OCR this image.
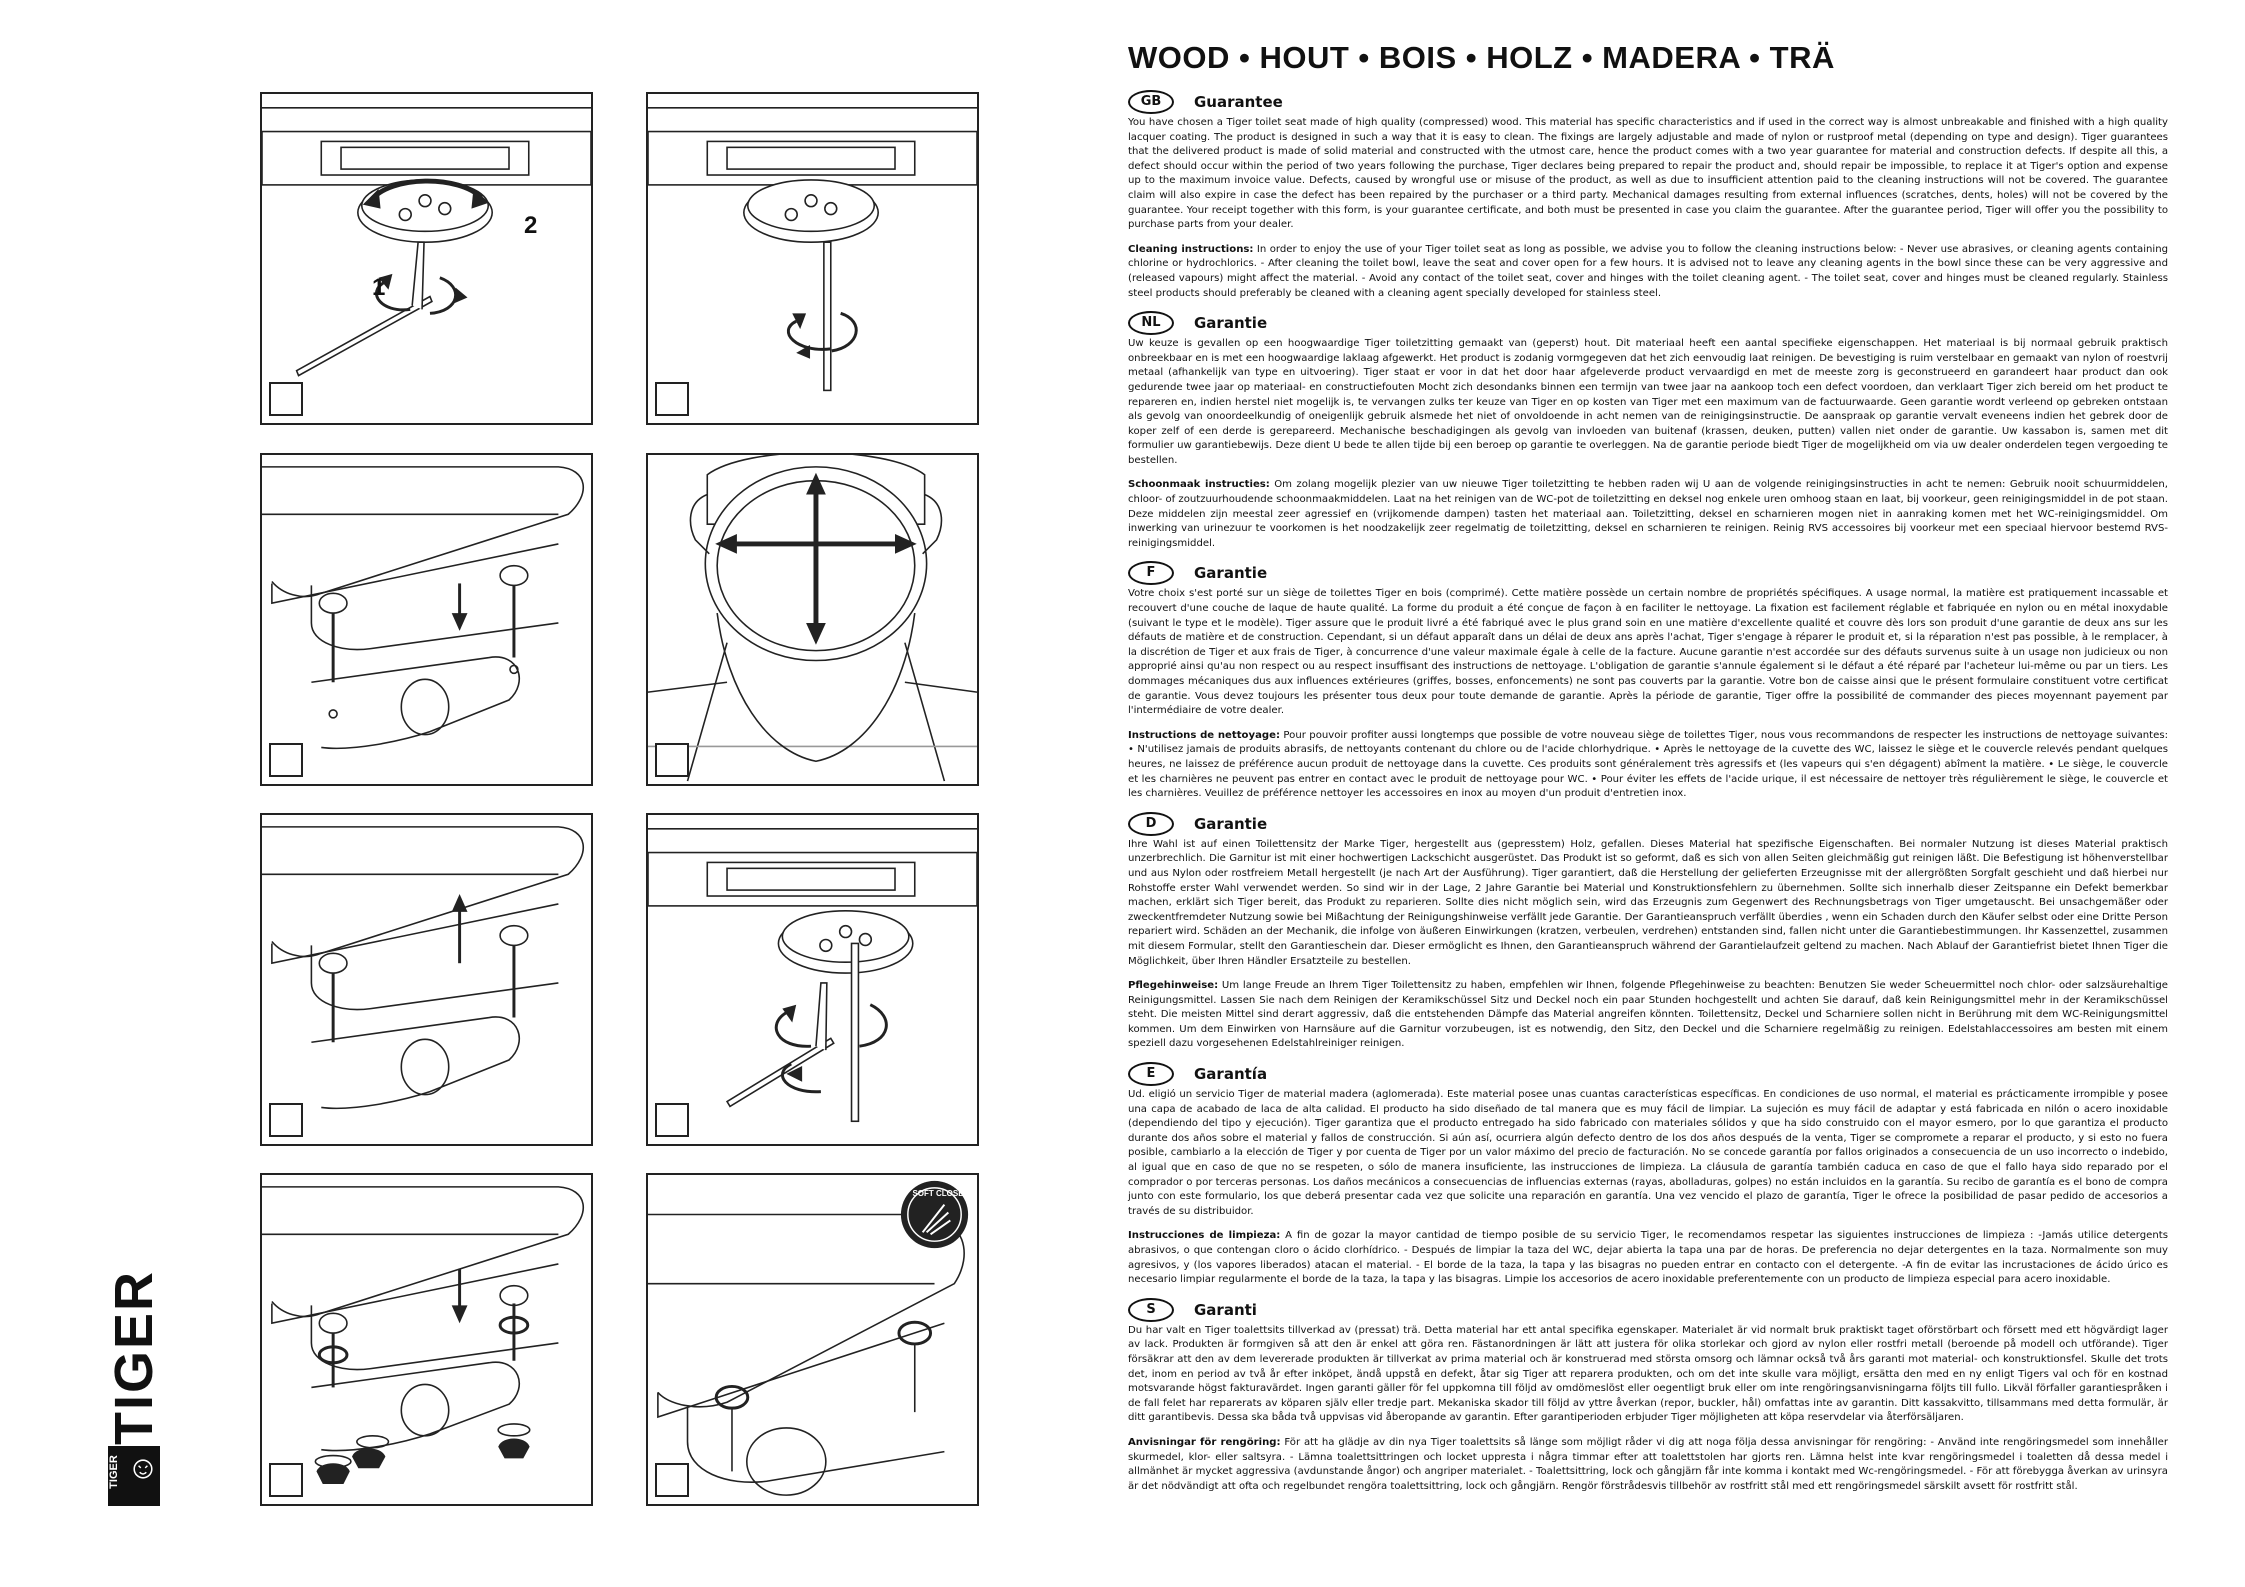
1
2
SOFT CLOSE
TIGER
TIGER
WOOD • HOUT • BOIS • HOLZ • MADERA • TRÄ
GB	Guarantee

You have chosen a Tiger toilet seat made of high quality (compressed) wood. This material has specific characteristics and if used in the correct way is almost unbreakable and finished with a high quality lacquer coating. The product is designed in such a way that it is easy to clean. The fixings are largely adjustable and made of nylon or rustproof metal (depending on type and design). Tiger guarantees that the delivered product is made of solid material and constructed with the utmost care, hence the product comes with a two year guarantee for material and construction defects. If despite all this, a defect should occur within the period of two years following the purchase, Tiger declares being prepared to repair the product and, should repair be impossible, to replace it at Tiger's option and expense up to the maximum invoice value. Defects, caused by wrongful use or misuse of the product, as well as due to insufficient attention paid to the cleaning instructions will not be covered. The guarantee claim will also expire in case the defect has been repaired by the purchaser or a third party. Mechanical damages resulting from external influences (scratches, dents, holes) will not be covered by the guarantee. Your receipt together with this form, is your guarantee certificate, and both must be presented in case you claim the guarantee. After the guarantee period, Tiger will offer you the possibility to purchase parts from your dealer.

Cleaning instructions: In order to enjoy the use of your Tiger toilet seat as long as possible, we advise you to follow the cleaning instructions below: - Never use abrasives, or cleaning agents containing chlorine or hydrochlorics. - After cleaning the toilet bowl, leave the seat and cover open for a few hours. It is advised not to leave any cleaning agents in the bowl since these can be very aggressive and (released vapours) might affect the material. - Avoid any contact of the toilet seat, cover and hinges with the toilet cleaning agent. - The toilet seat, cover and hinges must be cleaned regularly. Stainless steel products should preferably be cleaned with a cleaning agent specially developed for stainless steel.

NL	Garantie

Uw keuze is gevallen op een hoogwaardige Tiger toiletzitting gemaakt van (geperst) hout. Dit materiaal heeft een aantal specifieke eigenschappen. Het materiaal is bij normaal gebruik praktisch onbreekbaar en is met een hoogwaardige laklaag afgewerkt. Het product is zodanig vormgegeven dat het zich eenvoudig laat reinigen. De bevestiging is ruim verstelbaar en gemaakt van nylon of roestvrij metaal (afhankelijk van type en uitvoering). Tiger staat er voor in dat het door haar afgeleverde product vervaardigd en met de meeste zorg is geconstrueerd en garandeert haar product dan ook gedurende twee jaar op materiaal- en constructiefouten Mocht zich desondanks binnen een termijn van twee jaar na aankoop toch een defect voordoen, dan verklaart Tiger zich bereid om het product te repareren en, indien herstel niet mogelijk is, te vervangen zulks ter keuze van Tiger en op kosten van Tiger met een maximum van de factuurwaarde. Geen garantie wordt verleend op gebreken ontstaan als gevolg van onoordeelkundig of oneigenlijk gebruik alsmede het niet of onvoldoende in acht nemen van de reinigingsinstructie. De aanspraak op garantie vervalt eveneens indien het gebrek door de koper zelf of een derde is gerepareerd. Mechanische beschadigingen als gevolg van invloeden van buitenaf (krassen, deuken, putten) vallen niet onder de garantie. Uw kassabon is, samen met dit formulier uw garantiebewijs. Deze dient U bede te allen tijde bij een beroep op garantie te overleggen. Na de garantie periode biedt Tiger de mogelijkheid om via uw dealer onderdelen tegen vergoeding te bestellen.

Schoonmaak instructies: Om zolang mogelijk plezier van uw nieuwe Tiger toiletzitting te hebben raden wij U aan de volgende reinigingsinstructies in acht te nemen: Gebruik nooit schuurmiddelen, chloor- of zoutzuurhoudende schoonmaakmiddelen. Laat na het reinigen van de WC-pot de toiletzitting en deksel nog enkele uren omhoog staan en laat, bij voorkeur, geen reinigingsmiddel in de pot staan. Deze middelen zijn meestal zeer agressief en (vrijkomende dampen) tasten het materiaal aan. Toiletzitting, deksel en scharnieren mogen niet in aanraking komen met het WC-reinigingsmiddel. Om inwerking van urinezuur te voorkomen is het noodzakelijk zeer regelmatig de toiletzitting, deksel en scharnieren te reinigen. Reinig RVS accessoires bij voorkeur met een speciaal hiervoor bestemd RVS-reinigingsmiddel.

F	Garantie

Votre choix s'est porté sur un siège de toilettes Tiger en bois (comprimé). Cette matière possède un certain nombre de propriétés spécifiques. A usage normal, la matière est pratiquement incassable et recouvert d'une couche de laque de haute qualité. La forme du produit a été conçue de façon à en faciliter le nettoyage. La fixation est facilement réglable et fabriquée en nylon ou en métal inoxydable (suivant le type et le modèle). Tiger assure que le produit livré a été fabriqué avec le plus grand soin en une matière d'excellente qualité et couvre dès lors son produit d'une garantie de deux ans sur les défauts de matière et de construction. Cependant, si un défaut apparaît dans un délai de deux ans après l'achat, Tiger s'engage à réparer le produit et, si la réparation n'est pas possible, à le remplacer, à la discrétion de Tiger et aux frais de Tiger, à concurrence d'une valeur maximale égale à celle de la facture. Aucune garantie n'est accordée sur des défauts survenus suite à un usage non judicieux ou non approprié ainsi qu'au non respect ou au respect insuffisant des instructions de nettoyage. L'obligation de garantie s'annule également si le défaut a été réparé par l'acheteur lui-même ou par un tiers. Les dommages mécaniques dus aux influences extérieures (griffes, bosses, enfoncements) ne sont pas couverts par la garantie. Votre bon de caisse ainsi que le présent formulaire constituent votre certificat de garantie. Vous devez toujours les présenter tous deux pour toute demande de garantie. Après la période de garantie, Tiger offre la possibilité de commander des pieces moyennant payement par l'intermédiaire de votre dealer.

Instructions de nettoyage: Pour pouvoir profiter aussi longtemps que possible de votre nouveau siège de toilettes Tiger, nous vous recommandons de respecter les instructions de nettoyage suivantes: • N'utilisez jamais de produits abrasifs, de nettoyants contenant du chlore ou de l'acide chlorhydrique. • Après le nettoyage de la cuvette des WC, laissez le siège et le couvercle relevés pendant quelques heures, ne laissez de préférence aucun produit de nettoyage dans la cuvette. Ces produits sont généralement très agressifs et (les vapeurs qui s'en dégagent) abîment la matière. • Le siège, le couvercle et les charnières ne peuvent pas entrer en contact avec le produit de nettoyage pour WC. • Pour éviter les effets de l'acide urique, il est nécessaire de nettoyer très régulièrement le siège, le couvercle et les charnières. Veuillez de préférence nettoyer les accessoires en inox au moyen d'un produit d'entretien inox.

D	Garantie

Ihre Wahl ist auf einen Toilettensitz der Marke Tiger, hergestellt aus (gepresstem) Holz, gefallen. Dieses Material hat spezifische Eigenschaften. Bei normaler Nutzung ist dieses Material praktisch unzerbrechlich. Die Garnitur ist mit einer hochwertigen Lackschicht ausgerüstet. Das Produkt ist so geformt, daß es sich von allen Seiten gleichmäßig gut reinigen läßt. Die Befestigung ist höhenverstellbar und aus Nylon oder rostfreiem Metall hergestellt (je nach Art der Ausführung). Tiger garantiert, daß die Herstellung der gelieferten Erzeugnisse mit der allergrößten Sorgfalt geschieht und daß hierbei nur Rohstoffe erster Wahl verwendet werden. So sind wir in der Lage, 2 Jahre Garantie bei Material und Konstruktionsfehlern zu übernehmen. Sollte sich innerhalb dieser Zeitspanne ein Defekt bemerkbar machen, erklärt sich Tiger bereit, das Produkt zu reparieren. Sollte dies nicht möglich sein, wird das Erzeugnis zum Gegenwert des Rechnungsbetrags von Tiger umgetauscht. Bei unsachgemäßer oder zweckentfremdeter Nutzung sowie bei Mißachtung der Reinigungshinweise verfällt jede Garantie. Der Garantieanspruch verfällt überdies , wenn ein Schaden durch den Käufer selbst oder eine Dritte Person repariert wird. Schäden an der Mechanik, die infolge von äußeren Einwirkungen (kratzen, verbeulen, verdrehen) entstanden sind, fallen nicht unter die Garantiebestimmungen. Ihr Kassenzettel, zusammen mit diesem Formular, stellt den Garantieschein dar. Dieser ermöglicht es Ihnen, den Garantieanspruch während der Garantielaufzeit geltend zu machen. Nach Ablauf der Garantiefrist bietet Ihnen Tiger die Möglichkeit, über Ihren Händler Ersatzteile zu bestellen.

Pflegehinweise: Um lange Freude an Ihrem Tiger Toilettensitz zu haben, empfehlen wir Ihnen, folgende Pflegehinweise zu beachten: Benutzen Sie weder Scheuermittel noch chlor- oder salzsäurehaltige Reinigungsmittel. Lassen Sie nach dem Reinigen der Keramikschüssel Sitz und Deckel noch ein paar Stunden hochgestellt und achten Sie darauf, daß kein Reinigungsmittel mehr in der Keramikschüssel steht. Die meisten Mittel sind derart aggressiv, daß die entstehenden Dämpfe das Material angreifen könnten. Toilettensitz, Deckel und Scharniere sollen nicht in Berührung mit dem WC-Reinigungsmittel kommen. Um dem Einwirken von Harnsäure auf die Garnitur vorzubeugen, ist es notwendig, den Sitz, den Deckel und die Scharniere regelmäßig zu reinigen. Edelstahlaccessoires am besten mit einem speziell dazu vorgesehenen Edelstahlreiniger reinigen.

E	Garantía

Ud. eligió un servicio Tiger de material madera (aglomerada). Este material posee unas cuantas características específicas. En condiciones de uso normal, el material es prácticamente irrompible y posee una capa de acabado de laca de alta calidad. El producto ha sido diseñado de tal manera que es muy fácil de limpiar. La sujeción es muy fácil de adaptar y está fabricada en nilón o acero inoxidable (dependiendo del tipo y ejecución). Tiger garantiza que el producto entregado ha sido fabricado con materiales sólidos y que ha sido construido con el mayor esmero, por lo que garantiza el producto durante dos años sobre el material y fallos de construcción. Si aún así, ocurriera algún defecto dentro de los dos años después de la venta, Tiger se compromete a reparar el producto, y si esto no fuera posible, cambiarlo a la elección de Tiger y por cuenta de Tiger por un valor máximo del precio de facturación. No se concede garantía por fallos originados a consecuencia de un uso incorrecto o indebido, al igual que en caso de que no se respeten, o sólo de manera insuficiente, las instrucciones de limpieza. La cláusula de garantía también caduca en caso de que el fallo haya sido reparado por el comprador o por terceras personas. Los daños mecánicos a consecuencias de influencias externas (rayas, abolladuras, golpes) no están incluidos en la garantía. Su recibo de garantía es el bono de compra junto con este formulario, los que deberá presentar cada vez que solicite una reparación en garantía. Una vez vencido el plazo de garantía, Tiger le ofrece la posibilidad de pasar pedido de accesorios a través de su distribuidor.

Instrucciones de limpieza: A fin de gozar la mayor cantidad de tiempo posible de su servicio Tiger, le recomendamos respetar las siguientes instrucciones de limpieza : -Jamás utilice detergents abrasivos, o que contengan cloro o ácido clorhídrico. - Después de limpiar la taza del WC, dejar abierta la tapa una par de horas. De preferencia no dejar detergentes en la taza. Normalmente son muy agresivos, y (los vapores liberados) atacan el material. - El borde de la taza, la tapa y las bisagras no pueden entrar en contacto con el detergente. -A fin de evitar las incrustaciones de ácido úrico es necesario limpiar regularmente el borde de la taza, la tapa y las bisagras. Limpie los accesorios de acero inoxidable preferentemente con un producto de limpieza especial para acero inoxidable.

S	Garanti

Du har valt en Tiger toalettsits tillverkad av (pressat) trä. Detta material har ett antal specifika egenskaper. Materialet är vid normalt bruk praktiskt taget oförstörbart och försett med ett högvärdigt lager av lack. Produkten är formgiven så att den är enkel att göra ren. Fästanordningen är lätt att justera för olika storlekar och gjord av nylon eller rostfri metall (beroende på modell och utförande). Tiger försäkrar att den av dem levererade produkten är tillverkat av prima material och är konstruerad med största omsorg och lämnar också två års garanti mot material- och konstruktionsfel. Skulle det trots det, inom en period av två år efter inköpet, ändå uppstå en defekt, åtar sig Tiger att reparera produkten, och om det inte skulle vara möjligt, ersätta den med en ny enligt Tigers val och för en kostnad motsvarande högst fakturavärdet. Ingen garanti gäller för fel uppkomna till följd av omdömeslöst eller oegentligt bruk eller om inte rengöringsanvisningarna följts till fullo. Likväl förfaller garantiespråken i de fall felet har reparerats av köparen själv eller tredje part. Mekaniska skador till följd av yttre åverkan (repor, buckler, hål) omfattas inte av garantin. Ditt kassakvitto, tillsammans med detta formulär, är ditt garantibevis. Dessa ska båda två uppvisas vid åberopande av garantin. Efter garantiperioden erbjuder Tiger möjligheten att köpa reservdelar via återförsäljaren.

Anvisningar för rengöring: För att ha glädje av din nya Tiger toalettsits så länge som möjligt råder vi dig att noga följa dessa anvisningar för rengöring: - Använd inte rengöringsmedel som innehåller skurmedel, klor- eller saltsyra. - Lämna toalettsittringen och locket uppresta i några timmar efter att toalettstolen har gjorts ren. Lämna helst inte kvar rengöringsmedel i toaletten då dessa medel i allmänhet är mycket aggressiva (avdunstande ångor) och angriper materialet. - Toalettsittring, lock och gångjärn får inte komma i kontakt med Wc-rengöringsmedel. - För att förebygga åverkan av urinsyra är det nödvändigt att ofta och regelbundet rengöra toalettsittring, lock och gångjärn. Rengör förstrådesvis tillbehör av rostfritt stål med ett rengöringsmedel särskilt avsett för rostfritt stål.
